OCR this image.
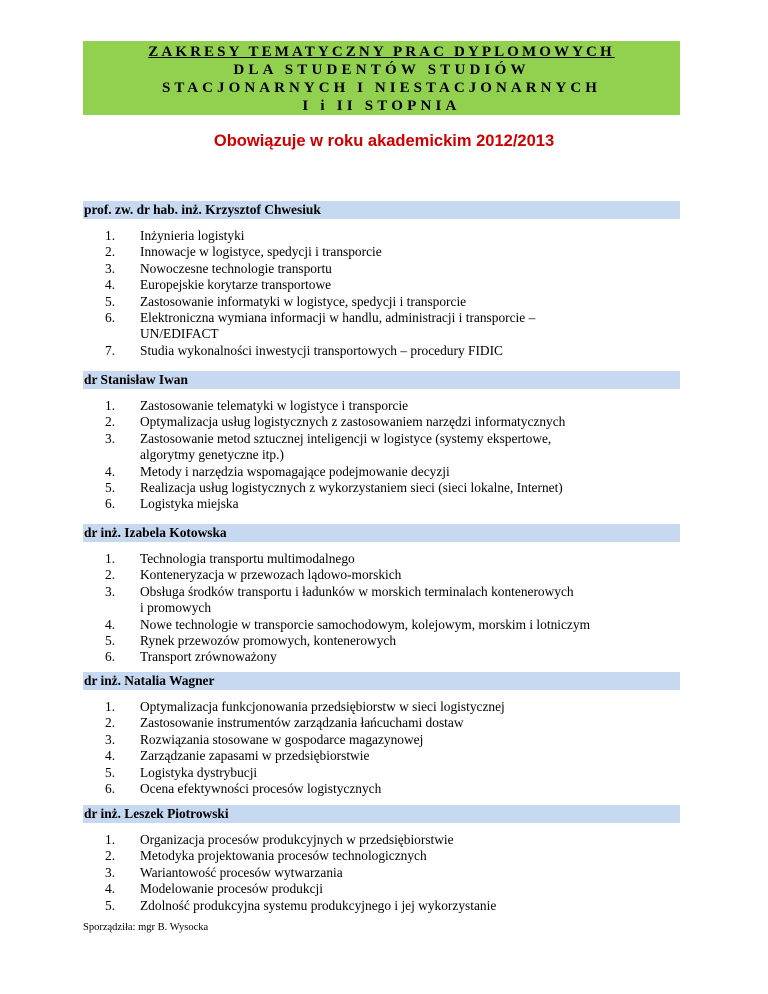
ZAKRESY TEMATYCZNY PRAC DYPLOMOWYCH
DLA STUDENTÓW STUDIÓW
STACJONARNYCH I NIESTACJONARNYCH
I i II STOPNIA
Obowiązuje w roku akademickim 2012/2013
prof. zw. dr hab. inż. Krzysztof Chwesiuk
1. Inżynieria logistyki
2. Innowacje w logistyce, spedycji i transporcie
3. Nowoczesne technologie transportu
4. Europejskie korytarze transportowe
5. Zastosowanie informatyki w logistyce, spedycji i transporcie
6. Elektroniczna wymiana informacji w handlu, administracji i transporcie –
UN/EDIFACT
7. Studia wykonalności inwestycji transportowych – procedury FIDIC
dr Stanisław Iwan
1. Zastosowanie telematyki w logistyce i transporcie
2. Optymalizacja usług logistycznych z zastosowaniem narzędzi informatycznych
3. Zastosowanie metod sztucznej inteligencji w logistyce (systemy ekspertowe,
algorytmy genetyczne itp.)
4. Metody i narzędzia wspomagające podejmowanie decyzji
5. Realizacja usług logistycznych z wykorzystaniem sieci (sieci lokalne, Internet)
6. Logistyka miejska
dr inż. Izabela Kotowska
1. Technologia transportu multimodalnego
2. Konteneryzacja w przewozach lądowo-morskich
3. Obsługa środków transportu i ładunków w morskich terminalach kontenerowych
i promowych
4. Nowe technologie w transporcie samochodowym, kolejowym, morskim i lotniczym
5. Rynek przewozów promowych, kontenerowych
6. Transport zrównoważony
dr inż. Natalia Wagner
1. Optymalizacja funkcjonowania przedsiębiorstw w sieci logistycznej
2. Zastosowanie instrumentów zarządzania łańcuchami dostaw
3. Rozwiązania stosowane w gospodarce magazynowej
4. Zarządzanie zapasami w przedsiębiorstwie
5. Logistyka dystrybucji
6. Ocena efektywności procesów logistycznych
dr inż. Leszek Piotrowski
1. Organizacja procesów produkcyjnych w przedsiębiorstwie
2. Metodyka projektowania procesów technologicznych
3. Wariantowość procesów wytwarzania
4. Modelowanie procesów produkcji
5. Zdolność produkcyjna systemu produkcyjnego i jej wykorzystanie
Sporządziła: mgr B. Wysocka
